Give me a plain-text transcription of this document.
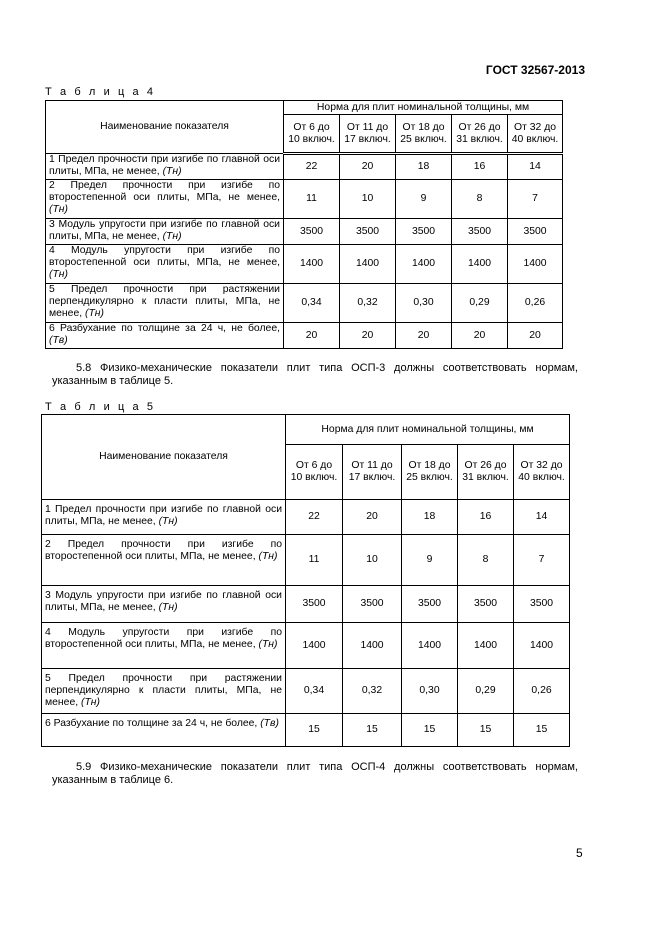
ГОСТ 32567-2013
Т а б л и ц а 4
Наименование показателя	Норма для плит номинальной толщины, мм				
	От 6 до 10 включ.	От 11 до 17 включ.	От 18 до 25 включ.	От 26 до 31 включ.	От 32 до 40 включ.
1 Предел прочности при изгибе по главной оси плиты, МПа, не менее, (Tн)	22	20	18	16	14
2 Предел прочности при изгибе по второстепенной оси плиты, МПа, не менее, (Tн)	11	10	9	8	7
3 Модуль упругости при изгибе по главной оси плиты, МПа, не менее, (Tн)	3500	3500	3500	3500	3500
4 Модуль упругости при изгибе по второстепенной оси плиты, МПа, не менее, (Tн)	1400	1400	1400	1400	1400
5 Предел прочности при растяжении перпендикулярно к пласти плиты, МПа, не менее, (Tн)	0,34	0,32	0,30	0,29	0,26
6 Разбухание по толщине за 24 ч, не более, (Tв)	20	20	20	20	20
5.8 Физико-механические показатели плит типа ОСП-3 должны соответствовать нормам, указанным в таблице 5.
Т а б л и ц а 5
Наименование показателя	Норма для плит номинальной толщины, мм				
	От 6 до 10 включ.	От 11 до 17 включ.	От 18 до 25 включ.	От 26 до 31 включ.	От 32 до 40 включ.
1 Предел прочности при изгибе по главной оси плиты, МПа, не менее, (Tн)	22	20	18	16	14
2 Предел прочности при изгибе по второстепенной оси плиты, МПа, не менее, (Tн)	11	10	9	8	7
3 Модуль упругости при изгибе по главной оси плиты, МПа, не менее, (Tн)	3500	3500	3500	3500	3500
4 Модуль упругости при изгибе по второстепенной оси плиты, МПа, не менее, (Tн)	1400	1400	1400	1400	1400
5 Предел прочности при растяжении перпендикулярно к пласти плиты, МПа, не менее, (Tн)	0,34	0,32	0,30	0,29	0,26
6 Разбухание по толщине за 24 ч, не более, (Tв)	15	15	15	15	15
5.9 Физико-механические показатели плит типа ОСП-4 должны соответствовать нормам, указанным в таблице 6.
5
